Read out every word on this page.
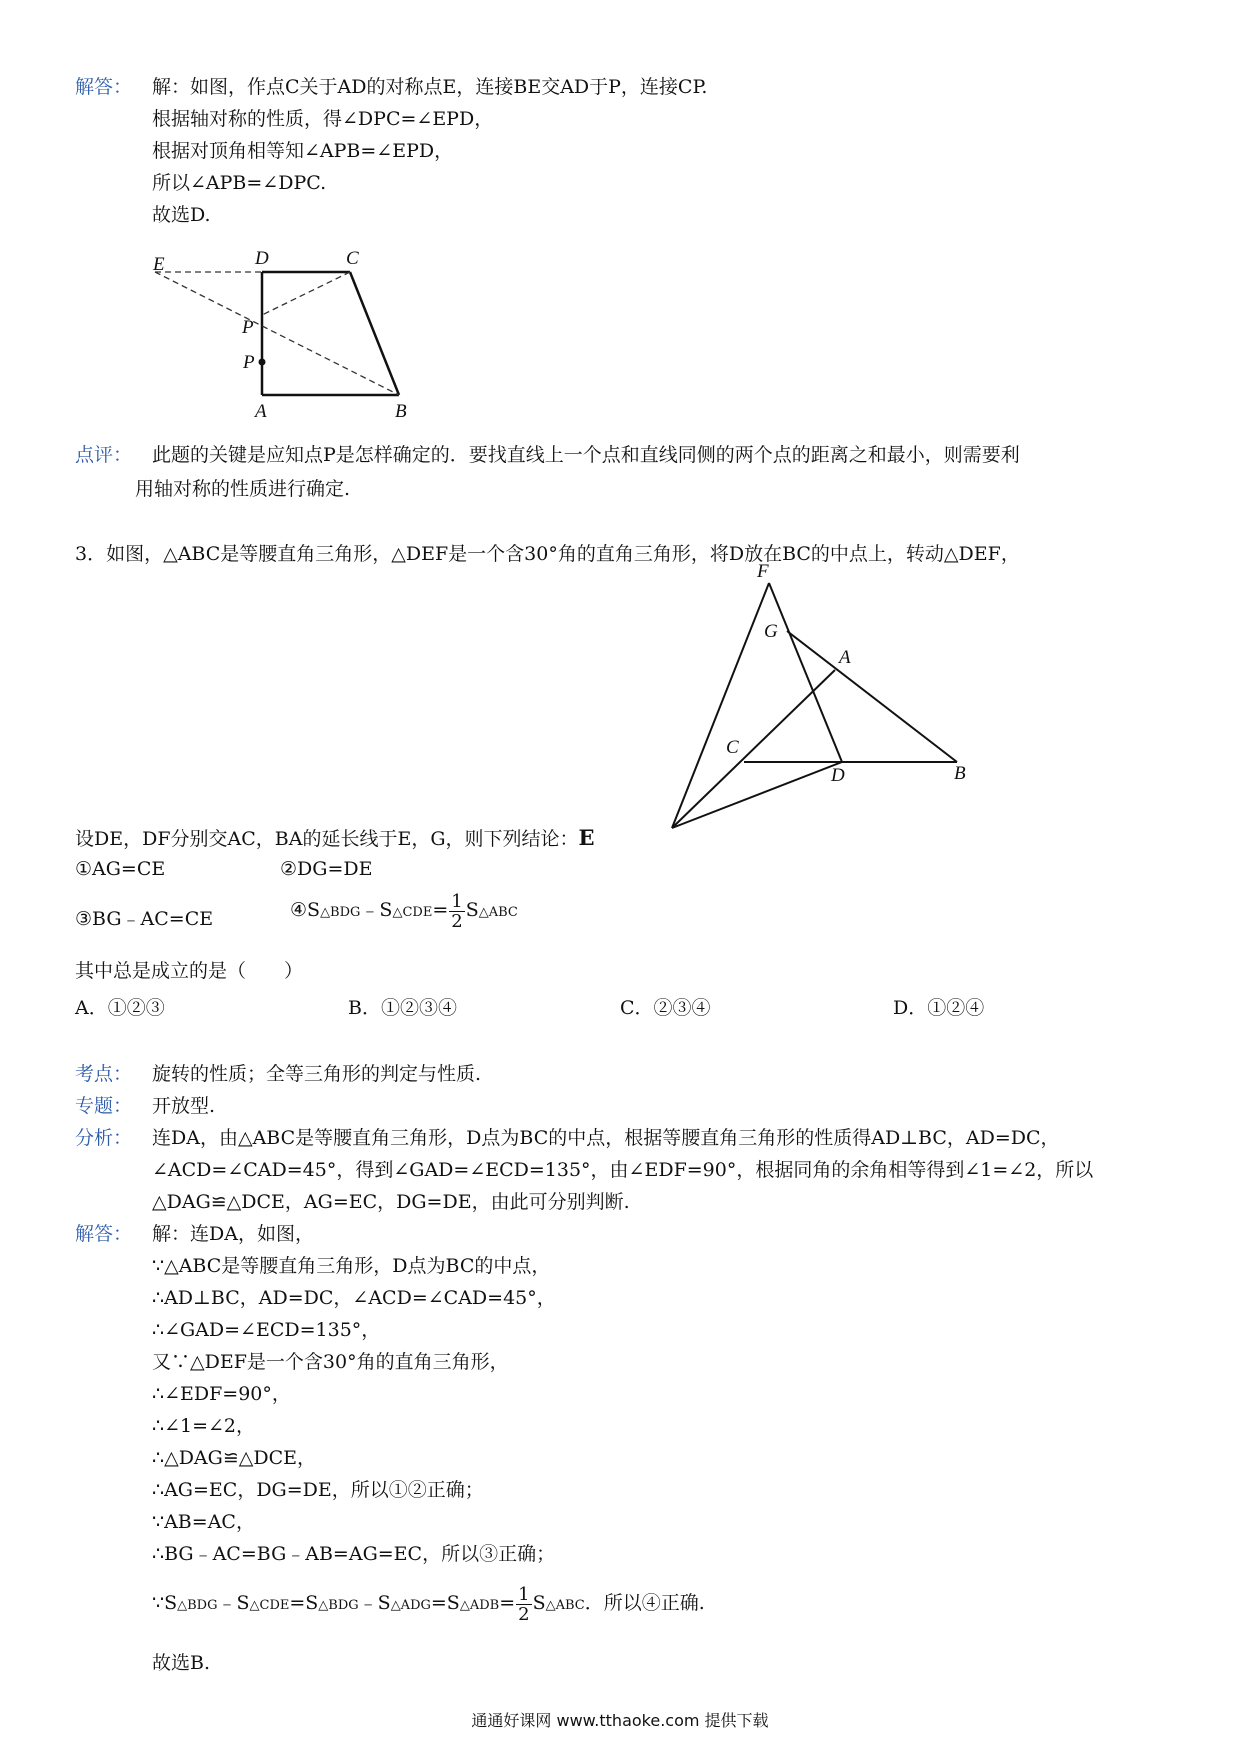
解答： 解：如图，作点C关于AD的对称点E，连接BE交AD于P，连接CP.
根据轴对称的性质，得∠DPC=∠EPD，
根据对顶角相等知∠APB=∠EPD，
所以∠APB=∠DPC.
故选D.
E	D	C
P
P
A	B
点评： 此题的关键是应知点P是怎样确定的．要找直线上一个点和直线同侧的两个点的距离之和最小，则需要利
用轴对称的性质进行确定.
3．如图，△ABC是等腰直角三角形，△DEF是一个含30°角的直角三角形，将D放在BC的中点上，转动△DEF，
F
G
A
C
D	B
设DE，DF分别交AC，BA的延长线于E，G，则下列结论：E
①AG=CE	②DG=DE
③BG﹣AC=CE	④S△BDG﹣S△CDE= $\frac{1}{2}$ S△ABC
其中总是成立的是（　　）
A．①②③	B．①②③④	C．②③④	D．①②④
考点： 旋转的性质；全等三角形的判定与性质.
专题： 开放型.
分析： 连DA，由△ABC是等腰直角三角形，D点为BC的中点，根据等腰直角三角形的性质得AD⊥BC，AD=DC，
∠ACD=∠CAD=45°，得到∠GAD=∠ECD=135°，由∠EDF=90°，根据同角的余角相等得到∠1=∠2，所以
△DAG≌△DCE，AG=EC，DG=DE，由此可分别判断.
解答： 解：连DA，如图，
∵△ABC是等腰直角三角形，D点为BC的中点，
∴AD⊥BC，AD=DC，∠ACD=∠CAD=45°，
∴∠GAD=∠ECD=135°，
又∵△DEF是一个含30°角的直角三角形，
∴∠EDF=90°，
∴∠1=∠2，
∴△DAG≌△DCE，
∴AG=EC，DG=DE，所以①②正确；
∵AB=AC，
∴BG﹣AC=BG﹣AB=AG=EC，所以③正确；
∵S△BDG﹣S△CDE=S△BDG﹣S△ADG=S△ADB= $\frac{1}{2}$ S△ABC．所以④正确.
故选B.
通通好课网 www.tthaoke.com 提供下载
